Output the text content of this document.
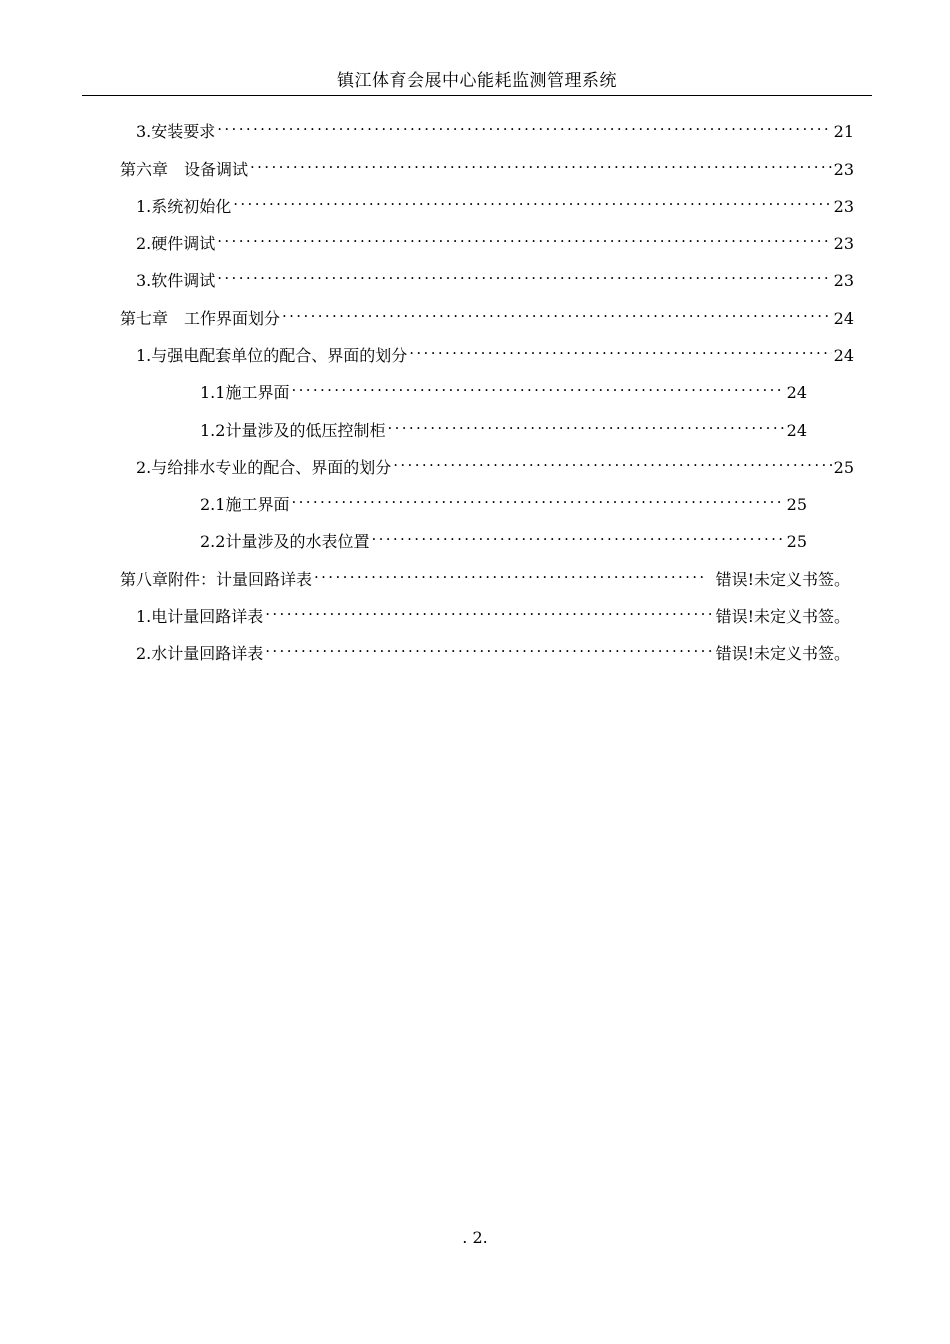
镇江体育会展中心能耗监测管理系统
3. 安装要求 . . .	21
第六章 　设备调试 . . .	23
1. 系统初始化 . . .	23
2. 硬件调试 . . .	23
3. 软件调试 . . .	23
第七章 　工作界面划分 . . .	24
1. 与强电配套单位的配合、界面的划分 . . .	24
1.1 施工界面 . . .	24
1.2 计量涉及的低压控制柜 . . .	24
2. 与给排水专业的配合、界面的划分 . . .	25
2.1 施工界面 . . .	25
2.2 计量涉及的水表位置 . . .	25
第八章 附件：计量回路详表 . . .	错误!未定义书签。
1. 电计量回路详表 . . .	错误!未定义书签。
2. 水计量回路详表 . . .	错误!未定义书签。
. 2.
